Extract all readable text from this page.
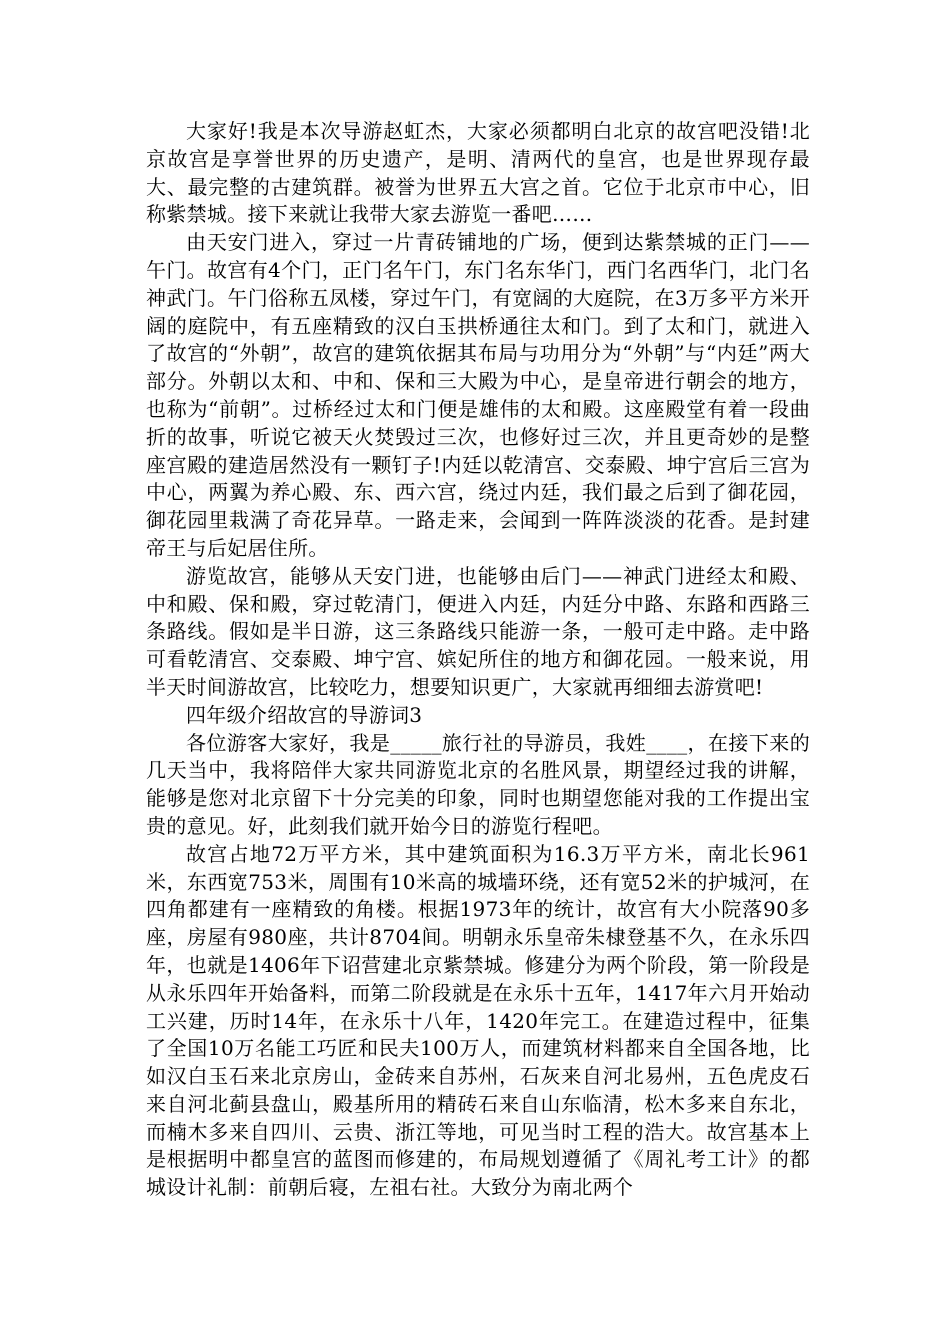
大家好!我是本次导游赵虹杰，大家必须都明白北京的故宫吧没错!北京故宫是享誉世界的历史遗产，是明、清两代的皇宫，也是世界现存最大、最完整的古建筑群。被誉为世界五大宫之首。它位于北京市中心，旧称紫禁城。接下来就让我带大家去游览一番吧……

由天安门进入，穿过一片青砖铺地的广场，便到达紫禁城的正门——午门。故宫有4个门，正门名午门，东门名东华门，西门名西华门，北门名神武门。午门俗称五凤楼，穿过午门，有宽阔的大庭院，在3万多平方米开阔的庭院中，有五座精致的汉白玉拱桥通往太和门。到了太和门，就进入了故宫的“外朝”，故宫的建筑依据其布局与功用分为“外朝”与“内廷”两大部分。外朝以太和、中和、保和三大殿为中心，是皇帝进行朝会的地方，也称为“前朝”。过桥经过太和门便是雄伟的太和殿。这座殿堂有着一段曲折的故事，听说它被天火焚毁过三次，也修好过三次，并且更奇妙的是整座宫殿的建造居然没有一颗钉子!内廷以乾清宫、交泰殿、坤宁宫后三宫为中心，两翼为养心殿、东、西六宫，绕过内廷，我们最之后到了御花园，御花园里栽满了奇花异草。一路走来，会闻到一阵阵淡淡的花香。是封建帝王与后妃居住所。

游览故宫，能够从天安门进，也能够由后门——神武门进经太和殿、中和殿、保和殿，穿过乾清门，便进入内廷，内廷分中路、东路和西路三条路线。假如是半日游，这三条路线只能游一条，一般可走中路。走中路可看乾清宫、交泰殿、坤宁宫、嫔妃所住的地方和御花园。一般来说，用半天时间游故宫，比较吃力，想要知识更广，大家就再细细去游赏吧!

四年级介绍故宫的导游词3

各位游客大家好，我是_____旅行社的导游员，我姓____，在接下来的几天当中，我将陪伴大家共同游览北京的名胜风景，期望经过我的讲解，能够是您对北京留下十分完美的印象，同时也期望您能对我的工作提出宝贵的意见。好，此刻我们就开始今日的游览行程吧。

故宫占地72万平方米，其中建筑面积为16.3万平方米，南北长961米，东西宽753米，周围有10米高的城墙环绕，还有宽52米的护城河，在四角都建有一座精致的角楼。根据1973年的统计，故宫有大小院落90多座，房屋有980座，共计8704间。明朝永乐皇帝朱棣登基不久，在永乐四年，也就是1406年下诏营建北京紫禁城。修建分为两个阶段，第一阶段是从永乐四年开始备料，而第二阶段就是在永乐十五年，1417年六月开始动工兴建，历时14年，在永乐十八年，1420年完工。在建造过程中，征集了全国10万名能工巧匠和民夫100万人，而建筑材料都来自全国各地，比如汉白玉石来北京房山，金砖来自苏州，石灰来自河北易州，五色虎皮石来自河北蓟县盘山，殿基所用的精砖石来自山东临清，松木多来自东北，而楠木多来自四川、云贵、浙江等地，可见当时工程的浩大。故宫基本上是根据明中都皇宫的蓝图而修建的，布局规划遵循了《周礼考工计》的都城设计礼制：前朝后寝，左祖右社。大致分为南北两个
